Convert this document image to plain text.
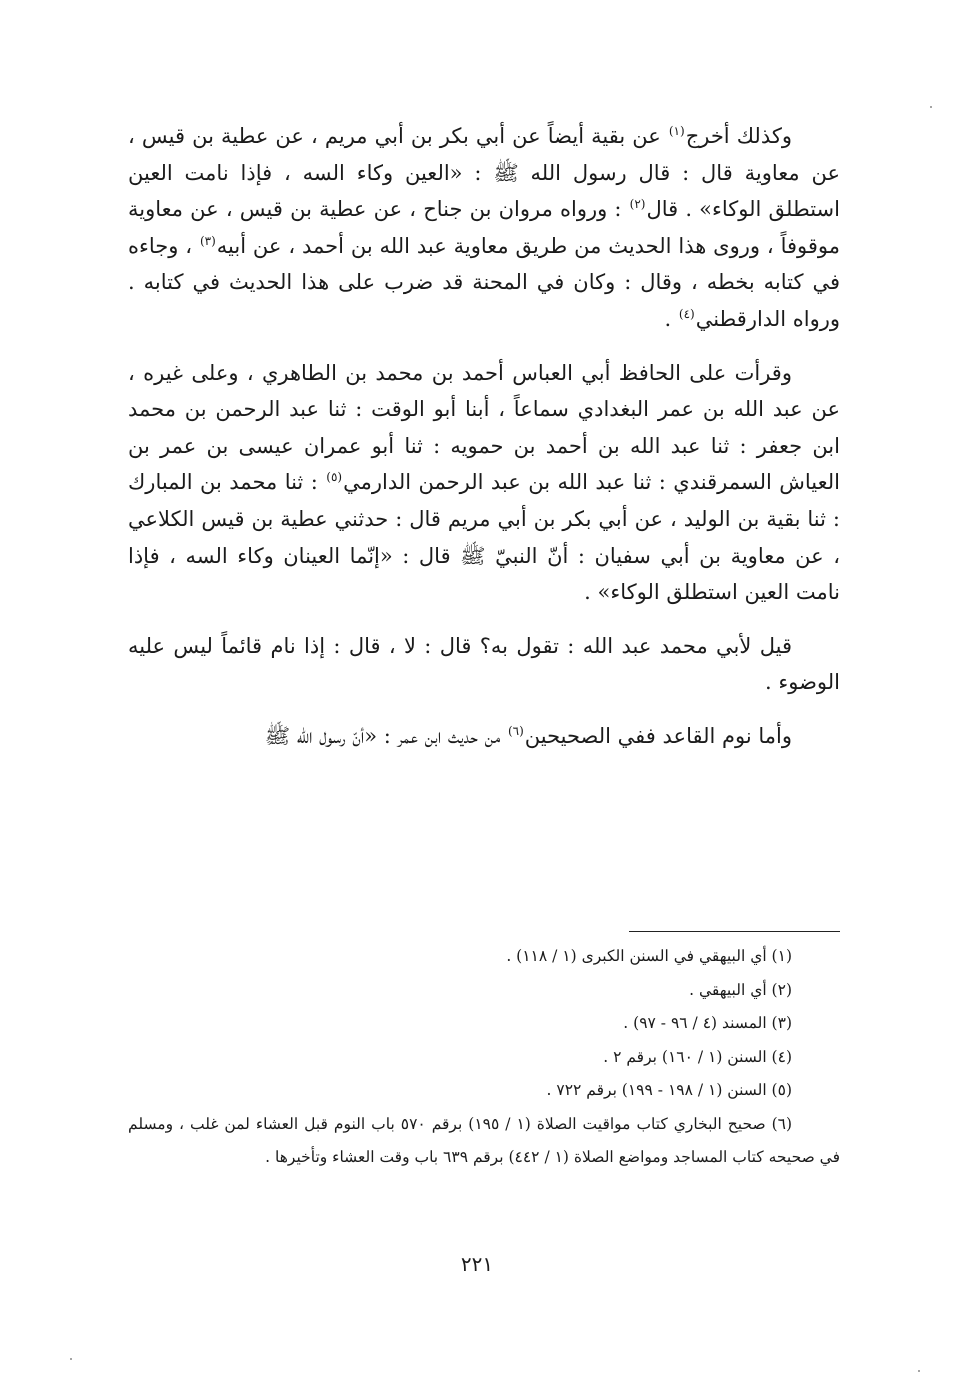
وكذلك أخرج$^{(١)}$ عن بقية أيضاً عن أبي بكر بن أبي مريم ، عن عطية بن قيس ، عن معاوية قال : قال رسول الله ﷺ : «العين وكاء السه ، فإذا نامت العين استطلق الوكاء» . قال$^{(٢)}$ : ورواه مروان بن جناح ، عن عطية بن قيس ، عن معاوية موقوفاً ، وروى هذا الحديث من طريق معاوية عبد الله بن أحمد ، عن أبيه$^{(٣)}$ ، وجاءه في كتابه بخطه ، وقال : وكان في المحنة قد ضرب على هذا الحديث في كتابه . ورواه الدارقطني$^{(٤)}$ .

وقرأت على الحافظ أبي العباس أحمد بن محمد بن الطاهري ، وعلى غيره ، عن عبد الله بن عمر البغدادي سماعاً ، أبنا أبو الوقت : ثنا عبد الرحمن بن محمد ابن جعفر : ثنا عبد الله بن أحمد بن حمويه : ثنا أبو عمران عيسى بن عمر بن العياش السمرقندي : ثنا عبد الله بن عبد الرحمن الدارمي$^{(٥)}$ : ثنا محمد بن المبارك : ثنا بقية بن الوليد ، عن أبي بكر بن أبي مريم قال : حدثني عطية بن قيس الكلاعي ، عن معاوية بن أبي سفيان : أنّ النبيّ ﷺ قال : «إنّما العينان وكاء السه ، فإذا نامت العين استطلق الوكاء» .

قيل لأبي محمد عبد الله : تقول به؟ قال : لا ، قال : إذا نام قائماً ليس عليه الوضوء .

وأما نوم القاعد ففي الصحيحين$^{(٦)}$ من حديث ابن عمر : «أنّ رسول الله ﷺ

(١) أي البيهقي في السنن الكبرى (١ / ١١٨) .

(٢) أي البيهقي .

(٣) المسند (٤ / ٩٦ - ٩٧) .

(٤) السنن (١ / ١٦٠) برقم ٢ .

(٥) السنن (١ / ١٩٨ - ١٩٩) برقم ٧٢٢ .

(٦) صحيح البخاري كتاب مواقيت الصلاة (١ / ١٩٥) برقم ٥٧٠ باب النوم قبل العشاء لمن غلب ، ومسلم في صحيحه كتاب المساجد ومواضع الصلاة (١ / ٤٤٢) برقم ٦٣٩ باب وقت العشاء وتأخيرها .

٢٢١
